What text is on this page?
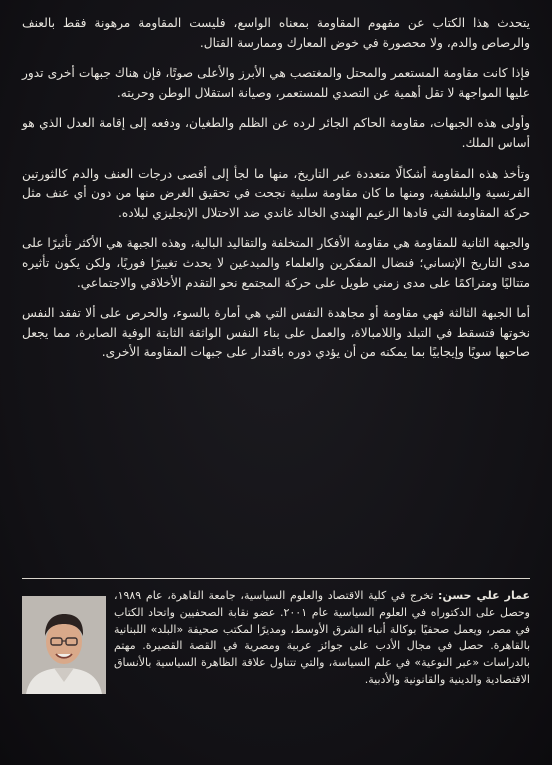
يتحدث هذا الكتاب عن مفهوم المقاومة بمعناه الواسع، فليست المقاومة مرهونة فقط بالعنف والرصاص والدم، ولا محصورة في خوض المعارك وممارسة القتال.

فإذا كانت مقاومة المستعمر والمحتل والمغتصب هي الأبرز والأعلى صوتًا، فإن هناك جبهات أخرى تدور عليها المواجهة لا تقل أهمية عن التصدي للمستعمر، وصيانة استقلال الوطن وحريته.

وأولى هذه الجبهات، مقاومة الحاكم الجائر لرده عن الظلم والطغيان، ودفعه إلى إقامة العدل الذي هو أساس الملك.

وتأخذ هذه المقاومة أشكالًا متعددة عبر التاريخ، منها ما لجأ إلى أقصى درجات العنف والدم كالثورتين الفرنسية والبلشفية، ومنها ما كان مقاومة سلبية نجحت في تحقيق الغرض منها من دون أي عنف مثل حركة المقاومة التي قادها الزعيم الهندي الخالد غاندي ضد الاحتلال الإنجليزي لبلاده.

والجبهة الثانية للمقاومة هي مقاومة الأفكار المتخلفة والتقاليد البالية، وهذه الجبهة هي الأكثر تأثيرًا على مدى التاريخ الإنساني؛ فنضال المفكرين والعلماء والمبدعين لا يحدث تغييرًا فوريًا، ولكن يكون تأثيره متتاليًا ومتراكمًا على مدى زمني طويل على حركة المجتمع نحو التقدم الأخلاقي والاجتماعي.

أما الجبهة الثالثة فهي مقاومة أو مجاهدة النفس التي هي أمارة بالسوء، والحرص على ألا تفقد النفس نخوتها فتسقط في التبلد واللامبالاة، والعمل على بناء النفس الواثقة الثابتة الوفية الصابرة، مما يجعل صاحبها سويًا وإيجابيًا بما يمكنه من أن يؤدي دوره باقتدار على جبهات المقاومة الأخرى.

عمار علي حسن: تخرج في كلية الاقتصاد والعلوم السياسية، جامعة القاهرة، عام ١٩٨٩، وحصل على الدكتوراه في العلوم السياسية عام ٢٠٠١. عضو نقابة الصحفيين واتحاد الكتاب في مصر، ويعمل صحفيًا بوكالة أنباء الشرق الأوسط، ومديرًا لمكتب صحيفة «البلد» اللبنانية بالقاهرة. حصل في مجال الأدب على جوائز عربية ومصرية في القصة القصيرة. مهتم بالدراسات «عبر النوعية» في علم السياسة، والتي تتناول علاقة الظاهرة السياسية بالأنساق الاقتصادية والدينية والقانونية والأدبية.
